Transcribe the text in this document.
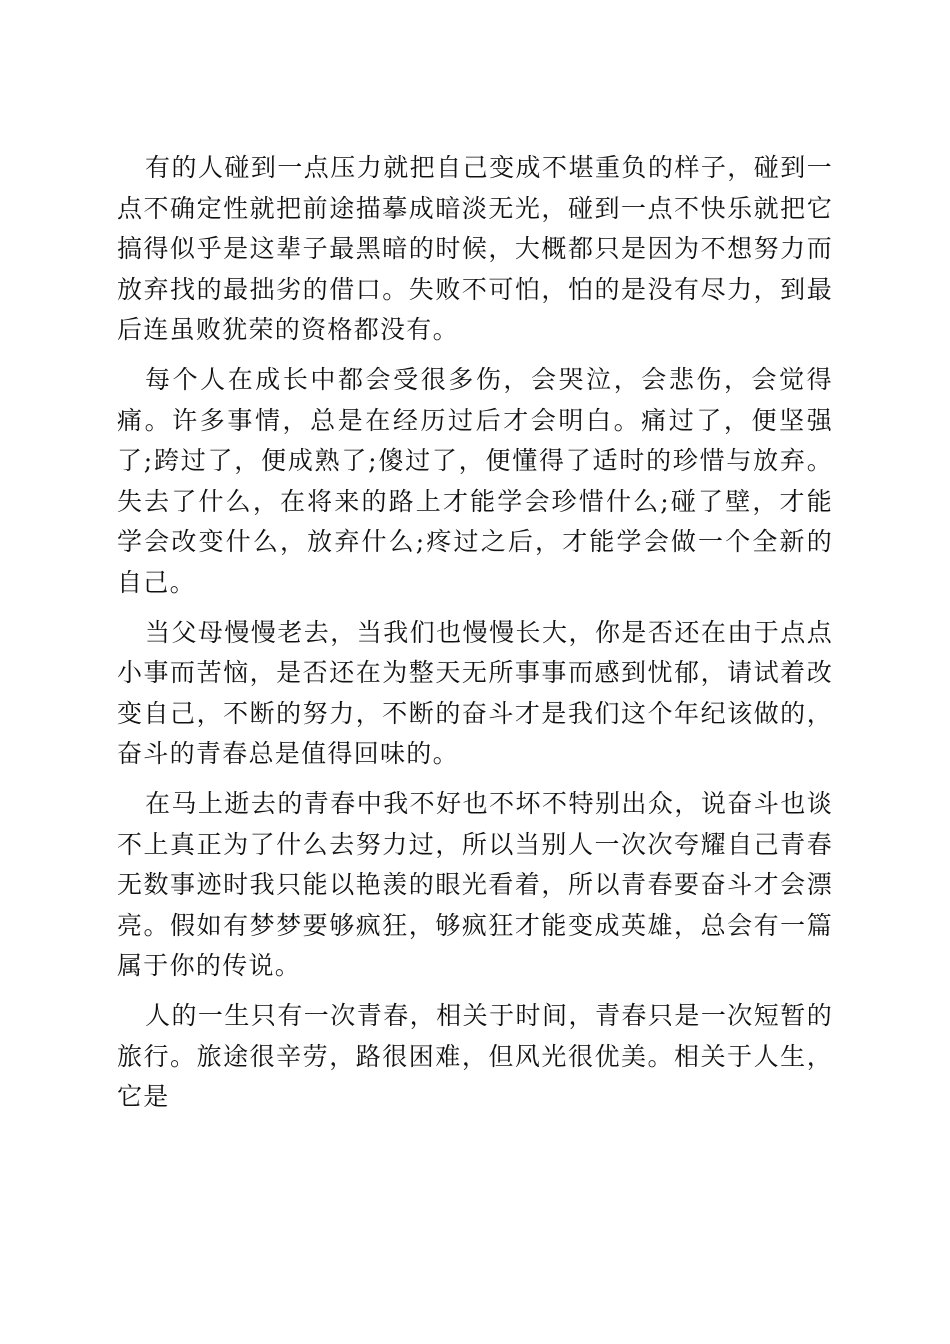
有的人碰到一点压力就把自己变成不堪重负的样子，碰到一点不确定性就把前途描摹成暗淡无光，碰到一点不快乐就把它搞得似乎是这辈子最黑暗的时候，大概都只是因为不想努力而放弃找的最拙劣的借口。失败不可怕，怕的是没有尽力，到最后连虽败犹荣的资格都没有。

每个人在成长中都会受很多伤，会哭泣，会悲伤，会觉得痛。许多事情，总是在经历过后才会明白。痛过了，便坚强了;跨过了，便成熟了;傻过了，便懂得了适时的珍惜与放弃。失去了什么，在将来的路上才能学会珍惜什么;碰了壁，才能学会改变什么，放弃什么;疼过之后，才能学会做一个全新的自己。

当父母慢慢老去，当我们也慢慢长大，你是否还在由于点点小事而苦恼，是否还在为整天无所事事而感到忧郁，请试着改变自己，不断的努力，不断的奋斗才是我们这个年纪该做的，奋斗的青春总是值得回味的。

在马上逝去的青春中我不好也不坏不特别出众，说奋斗也谈不上真正为了什么去努力过，所以当别人一次次夸耀自己青春无数事迹时我只能以艳羡的眼光看着，所以青春要奋斗才会漂亮。假如有梦梦要够疯狂，够疯狂才能变成英雄，总会有一篇属于你的传说。

人的一生只有一次青春，相关于时间，青春只是一次短暂的旅行。旅途很辛劳，路很困难，但风光很优美。相关于人生，它是
